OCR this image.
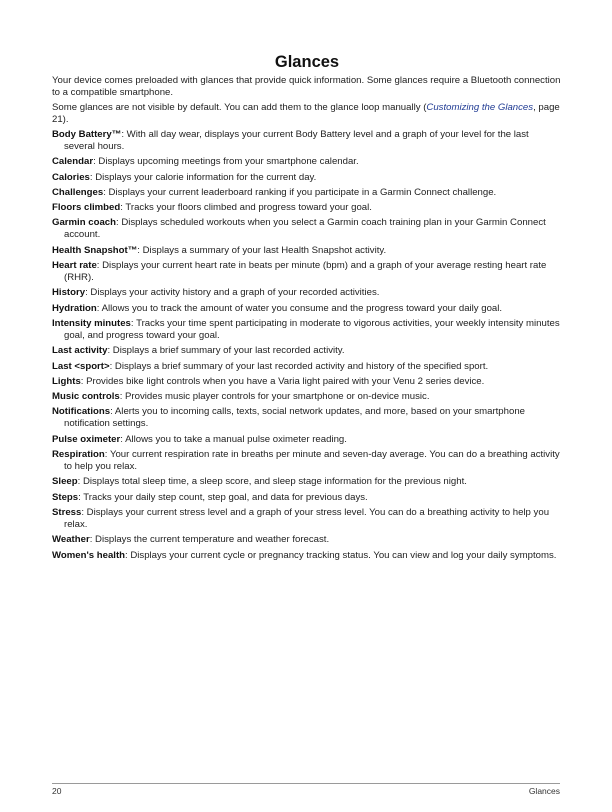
Glances

Your device comes preloaded with glances that provide quick information. Some glances require a Bluetooth connection to a compatible smartphone.

Some glances are not visible by default. You can add them to the glance loop manually (Customizing the Glances, page 21).

Body Battery™: With all day wear, displays your current Body Battery level and a graph of your level for the last several hours.

Calendar: Displays upcoming meetings from your smartphone calendar.

Calories: Displays your calorie information for the current day.

Challenges: Displays your current leaderboard ranking if you participate in a Garmin Connect challenge.

Floors climbed: Tracks your floors climbed and progress toward your goal.

Garmin coach: Displays scheduled workouts when you select a Garmin coach training plan in your Garmin Connect account.

Health Snapshot™: Displays a summary of your last Health Snapshot activity.

Heart rate: Displays your current heart rate in beats per minute (bpm) and a graph of your average resting heart rate (RHR).

History: Displays your activity history and a graph of your recorded activities.

Hydration: Allows you to track the amount of water you consume and the progress toward your daily goal.

Intensity minutes: Tracks your time spent participating in moderate to vigorous activities, your weekly intensity minutes goal, and progress toward your goal.

Last activity: Displays a brief summary of your last recorded activity.

Last <sport>: Displays a brief summary of your last recorded activity and history of the specified sport.

Lights: Provides bike light controls when you have a Varia light paired with your Venu 2 series device.

Music controls: Provides music player controls for your smartphone or on-device music.

Notifications: Alerts you to incoming calls, texts, social network updates, and more, based on your smartphone notification settings.

Pulse oximeter: Allows you to take a manual pulse oximeter reading.

Respiration: Your current respiration rate in breaths per minute and seven-day average. You can do a breathing activity to help you relax.

Sleep: Displays total sleep time, a sleep score, and sleep stage information for the previous night.

Steps: Tracks your daily step count, step goal, and data for previous days.

Stress: Displays your current stress level and a graph of your stress level. You can do a breathing activity to help you relax.

Weather: Displays the current temperature and weather forecast.

Women's health: Displays your current cycle or pregnancy tracking status. You can view and log your daily symptoms.

20	Glances
